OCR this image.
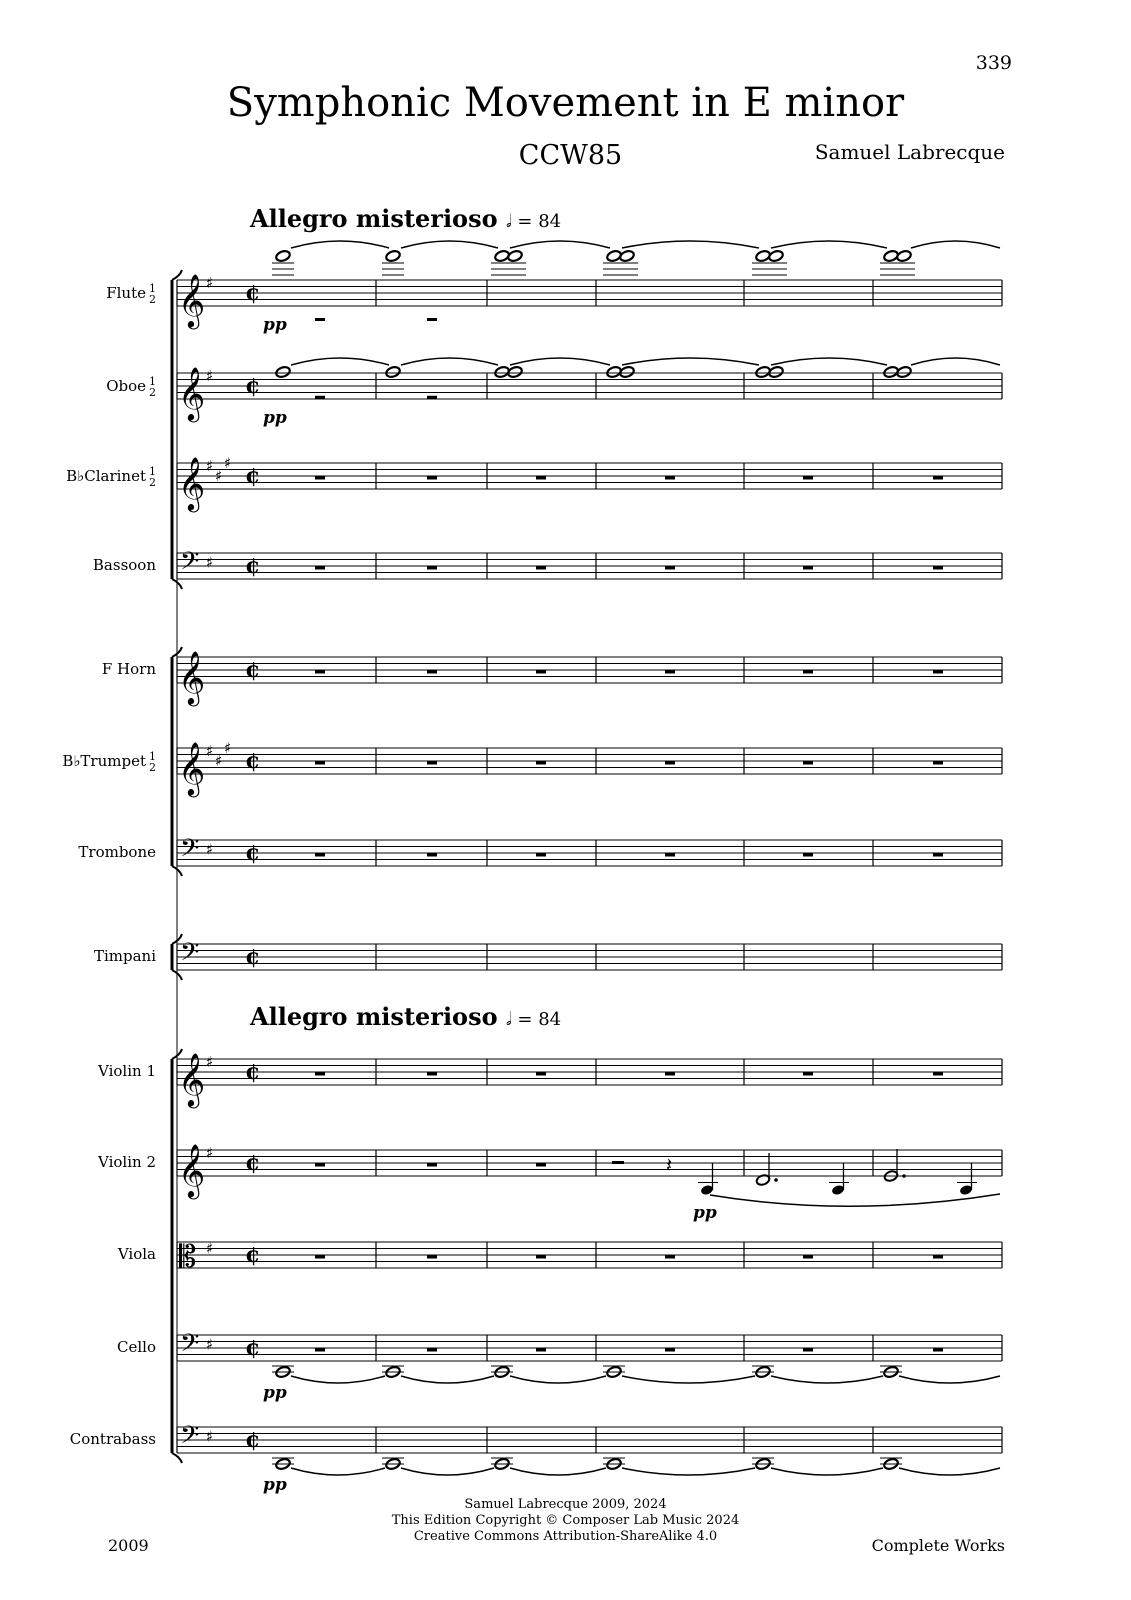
339
Symphonic Movement in E minor
CCW85	Samuel Labrecque
Allegro misterioso 𝅗𝅥 = 84
Allegro misterioso 𝅗𝅥 = 84
Flute 1
2
Oboe 1
2
B♭Clarinet 1
2
Bassoon
F Horn
B♭Trumpet 1
2
Trombone
Timpani
Violin 1
Violin 2
Viola
Cello
Contrabass
𝄞 ♯ ¢
𝄞 ♯ ¢
𝄞 ♯
♯
♯
¢
𝄢 ♯ ¢
𝄞 ¢
𝄞 ♯
♯
♯
¢
𝄢 ♯ ¢
𝄢 ¢
𝄞 ♯ ¢
𝄞 ♯ ¢
𝄡 ♯ ¢
𝄢 ♯ ¢
𝄢 ♯ ¢
𝄽
pp
pp
pp
pp
pp
Samuel Labrecque 2009, 2024
This Edition Copyright © Composer Lab Music 2024
Creative Commons Attribution-ShareAlike 4.0
2009	Complete Works
